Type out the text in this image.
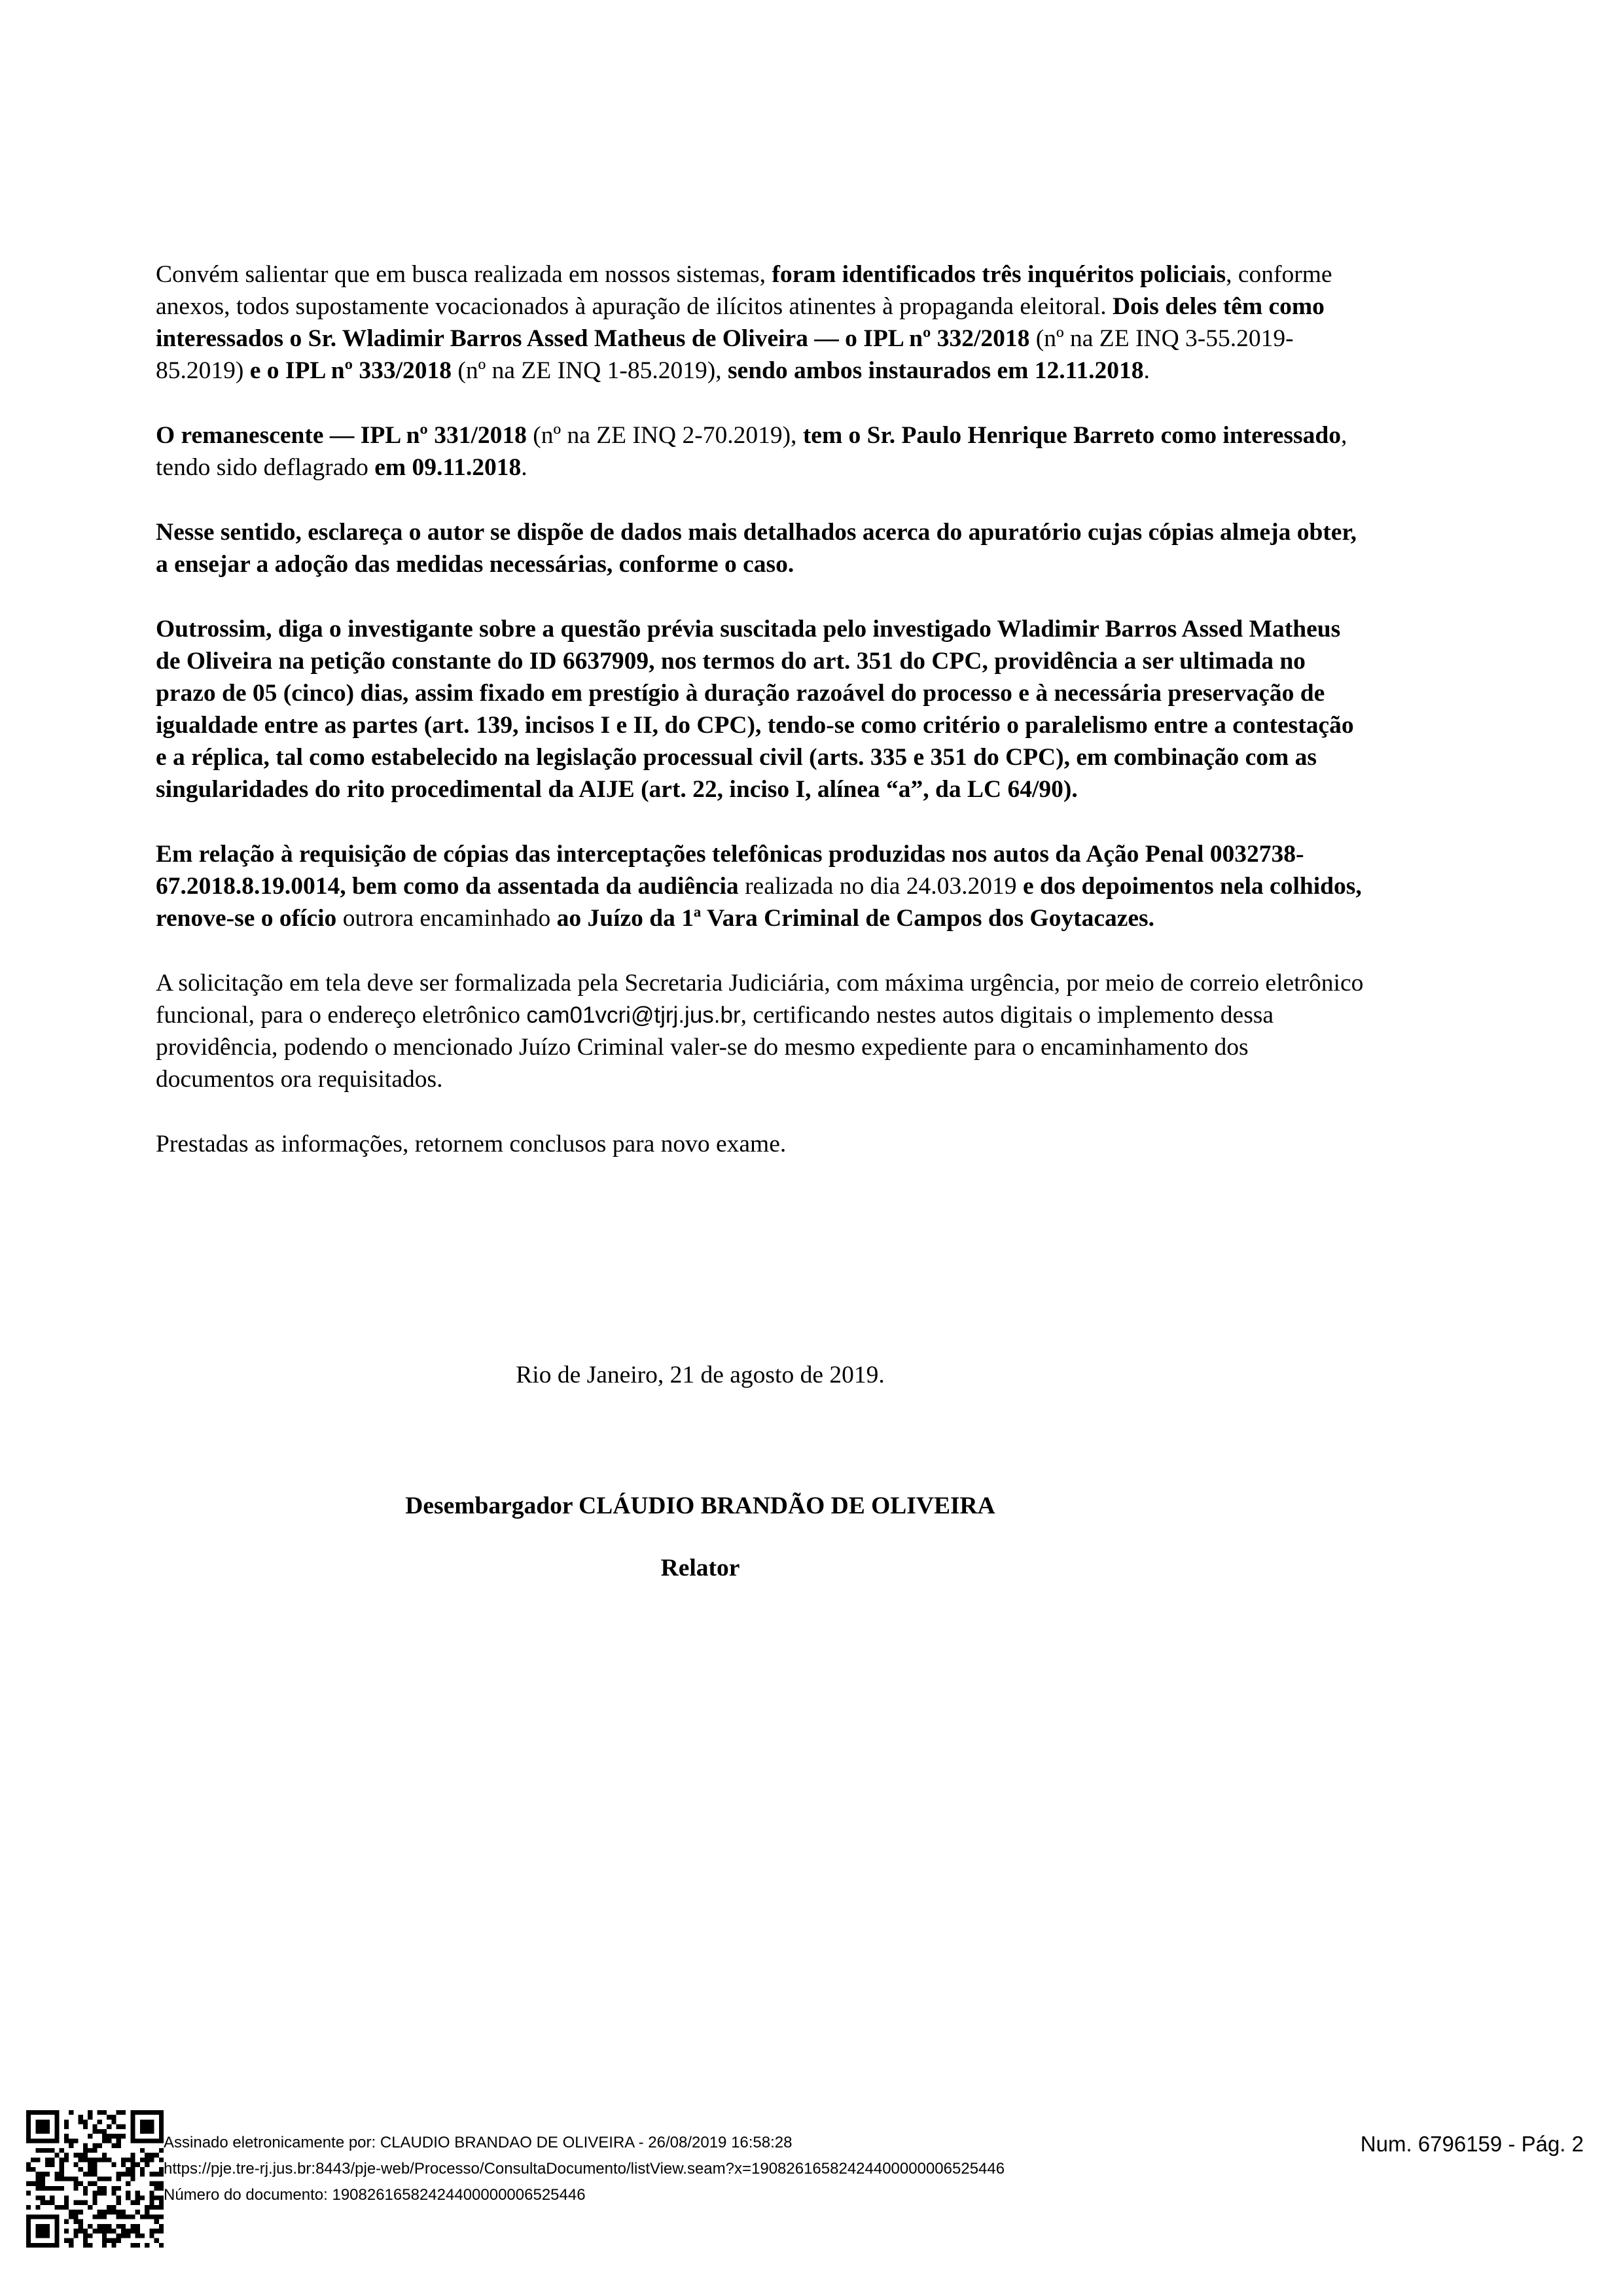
Convém salientar que em busca realizada em nossos sistemas, foram identificados três inquéritos policiais, conforme anexos, todos supostamente vocacionados à apuração de ilícitos atinentes à propaganda eleitoral. Dois deles têm como interessados o Sr. Wladimir Barros Assed Matheus de Oliveira — o IPL nº 332/2018 (nº na ZE INQ 3-55.2019-85.2019) e o IPL nº 333/2018 (nº na ZE INQ 1-85.2019), sendo ambos instaurados em 12.11.2018.

O remanescente — IPL nº 331/2018 (nº na ZE INQ 2-70.2019), tem o Sr. Paulo Henrique Barreto como interessado, tendo sido deflagrado em 09.11.2018.

Nesse sentido, esclareça o autor se dispõe de dados mais detalhados acerca do apuratório cujas cópias almeja obter, a ensejar a adoção das medidas necessárias, conforme o caso.

Outrossim, diga o investigante sobre a questão prévia suscitada pelo investigado Wladimir Barros Assed Matheus de Oliveira na petição constante do ID 6637909, nos termos do art. 351 do CPC, providência a ser ultimada no prazo de 05 (cinco) dias, assim fixado em prestígio à duração razoável do processo e à necessária preservação de igualdade entre as partes (art. 139, incisos I e II, do CPC), tendo-se como critério o paralelismo entre a contestação e a réplica, tal como estabelecido na legislação processual civil (arts. 335 e 351 do CPC), em combinação com as singularidades do rito procedimental da AIJE (art. 22, inciso I, alínea “a”, da LC 64/90).

Em relação à requisição de cópias das interceptações telefônicas produzidas nos autos da Ação Penal 0032738-67.2018.8.19.0014, bem como da assentada da audiência realizada no dia 24.03.2019 e dos depoimentos nela colhidos, renove-se o ofício outrora encaminhado ao Juízo da 1ª Vara Criminal de Campos dos Goytacazes.

A solicitação em tela deve ser formalizada pela Secretaria Judiciária, com máxima urgência, por meio de correio eletrônico funcional, para o endereço eletrônico cam01vcri@tjrj.jus.br, certificando nestes autos digitais o implemento dessa providência, podendo o mencionado Juízo Criminal valer-se do mesmo expediente para o encaminhamento dos documentos ora requisitados.

Prestadas as informações, retornem conclusos para novo exame.

Rio de Janeiro, 21 de agosto de 2019.
Desembargador CLÁUDIO BRANDÃO DE OLIVEIRA
Relator
Assinado eletronicamente por: CLAUDIO BRANDAO DE OLIVEIRA - 26/08/2019 16:58:28
https://pje.tre-rj.jus.br:8443/pje-web/Processo/ConsultaDocumento/listView.seam?x=19082616582424400000006525446
Número do documento: 19082616582424400000006525446
Num. 6796159 - Pág. 2
